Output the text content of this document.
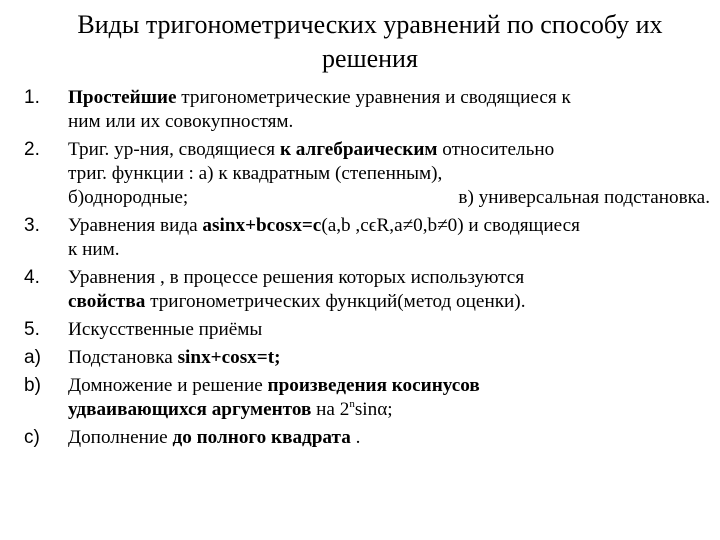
Виды тригонометрических уравнений по способу их
решения
1.	Простейшие тригонометрические уравнения и сводящиеся к
ним или их совокупностям.
2.	Триг. ур-ния, сводящиеся к алгебраическим относительно
триг. функции : а) к квадратным (степенным),
б)однородные;	в) универсальная подстановка.
3.	Уравнения вида asinx+bcosx=c(a,b ,cϵR,a≠0,b≠0) и сводящиеся
к ним.
4.	Уравнения , в процессе решения которых используются
свойства тригонометрических функций(метод оценки).
5.	Искусственные приёмы
a)	Подстановка sinx+cosx=t;
b)	Домножение и решение произведения косинусов
удваивающихся аргументов на 2$^n$sinα;
c)	Дополнение до полного квадрата .
